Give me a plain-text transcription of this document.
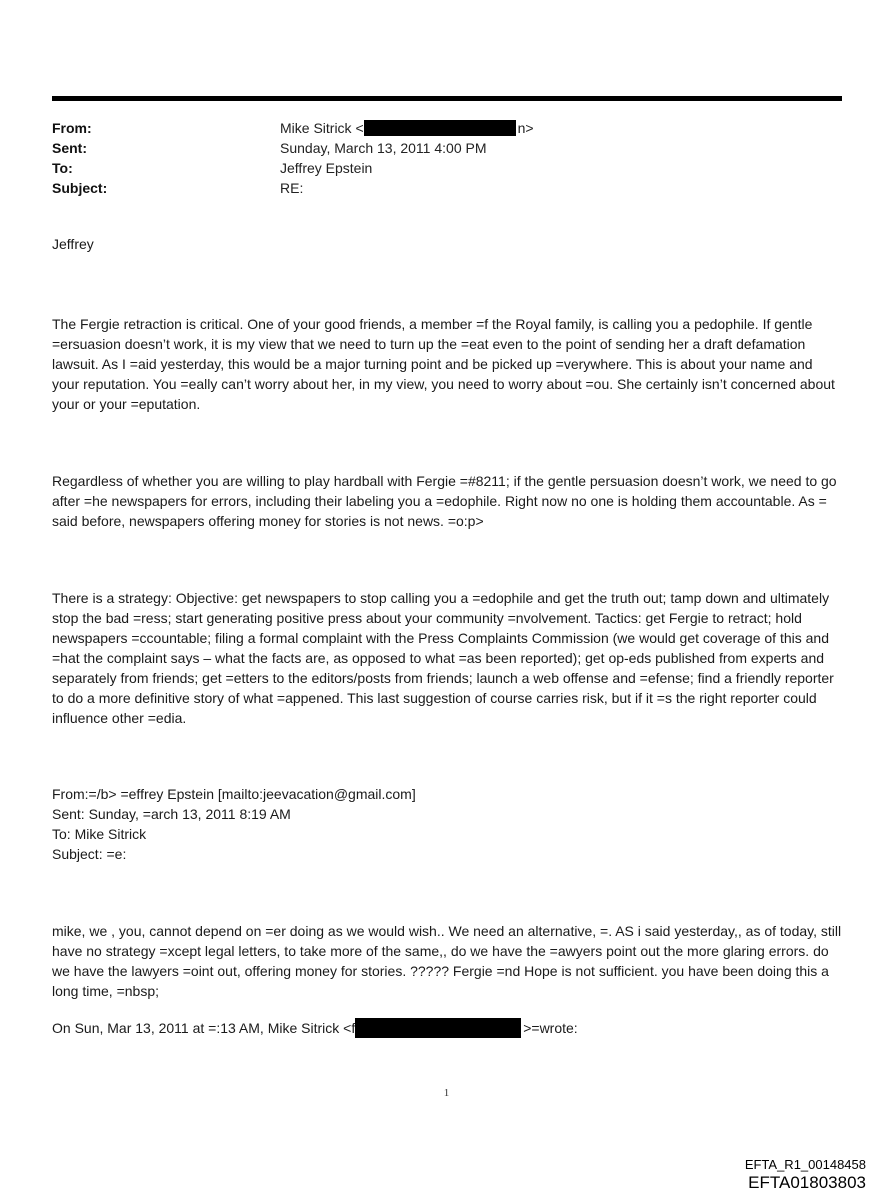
From:	Mike Sitrick <	n>
Sent:	Sunday, March 13, 2011 4:00 PM
To:	Jeffrey Epstein
Subject:	RE:

Jeffrey

The Fergie retraction is critical. One of your good friends, a member =f the Royal family, is calling you a pedophile. If gentle =ersuasion doesn’t work, it is my view that we need to turn up the =eat even to the point of sending her a draft defamation lawsuit. As I =aid yesterday, this would be a major turning point and be picked up =verywhere. This is about your name and your reputation. You =eally can’t worry about her, in my view, you need to worry about =ou. She certainly isn’t concerned about your or your =eputation.

Regardless of whether you are willing to play hardball with Fergie =#8211; if the gentle persuasion doesn’t work, we need to go after =he newspapers for errors, including their labeling you a =edophile. Right now no one is holding them accountable. As = said before, newspapers offering money for stories is not news. =o:p>

There is a strategy: Objective: get newspapers to stop calling you a =edophile and get the truth out; tamp down and ultimately stop the bad =ress; start generating positive press about your community =nvolvement. Tactics: get Fergie to retract; hold newspapers =ccountable; filing a formal complaint with the Press Complaints Commission (we would get coverage of this and =hat the complaint says – what the facts are, as opposed to what =as been reported); get op-eds published from experts and separately from friends; get =etters to the editors/posts from friends; launch a web offense and =efense; find a friendly reporter to do a more definitive story of what =appened. This last suggestion of course carries risk, but if it =s the right reporter could influence other =edia.

From:=/b> =effrey Epstein [mailto:jeevacation@gmail.com]

Sent: Sunday, =arch 13, 2011 8:19 AM

To: Mike Sitrick

Subject: =e:

mike, we , you, cannot depend on =er doing as we would wish.. We need an alternative, =. AS i said yesterday,, as of today, still have no strategy =xcept legal letters, to take more of the same,, do we have the =awyers point out the more glaring errors. do we have the lawyers =oint out, offering money for stories. ????? Fergie =nd Hope is not sufficient. you have been doing this a long time, =nbsp;

On Sun, Mar 13, 2011 at =:13 AM, Mike Sitrick <f	>=wrote:

1
EFTA_R1_00148458
EFTA01803803
